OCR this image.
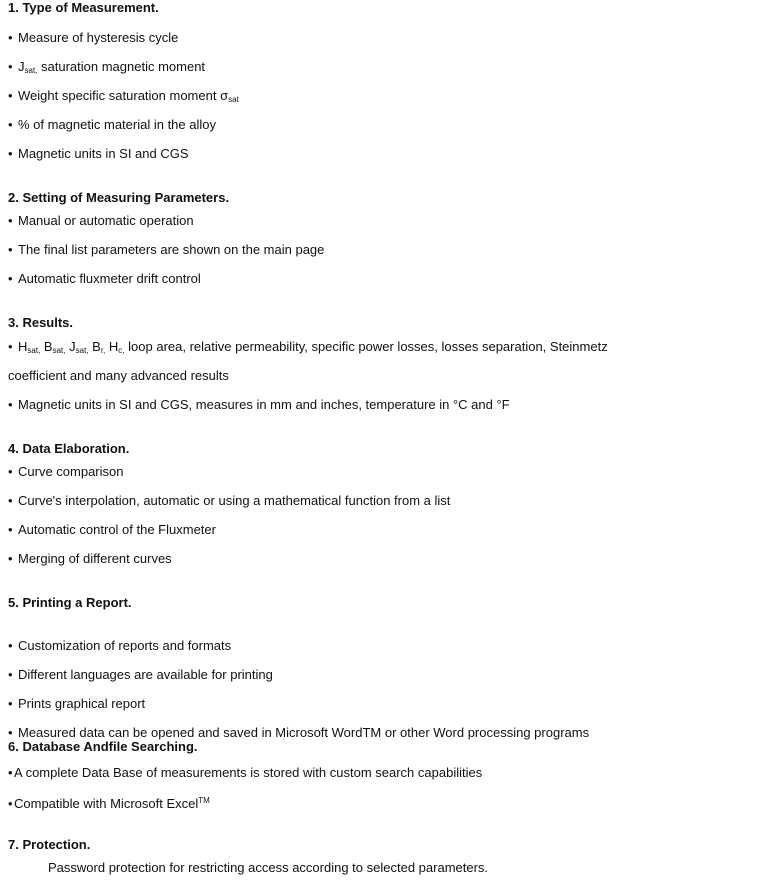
1. Type of Measurement.
• Measure of hysteresis cycle
• $J_{sat,}$ saturation magnetic moment
• Weight specific saturation moment $\sigma_{sat}$
• % of magnetic material in the alloy
• Magnetic units in SI and CGS
2. Setting of Measuring Parameters.
• Manual or automatic operation
• The final list parameters are shown on the main page
• Automatic fluxmeter drift control
3. Results.
• $H_{sat,}$ $B_{sat,}$ $J_{sat,}$ $B_{r,}$ $H_{c,}$ loop area, relative permeability, specific power losses, losses separation, Steinmetz
coefficient and many advanced results
• Magnetic units in SI and CGS, measures in mm and inches, temperature in °C and °F
4. Data Elaboration.
• Curve comparison
• Curve's interpolation, automatic or using a mathematical function from a list
• Automatic control of the Fluxmeter
• Merging of different curves
5. Printing a Report.
• Customization of reports and formats
• Different languages are available for printing
• Prints graphical report
• Measured data can be opened and saved in Microsoft WordTM or other Word processing programs
6. Database Andfile Searching.
• A complete Data Base of measurements is stored with custom search capabilities
• Compatible with Microsoft Excel™
7. Protection.
Password protection for restricting access according to selected parameters.
